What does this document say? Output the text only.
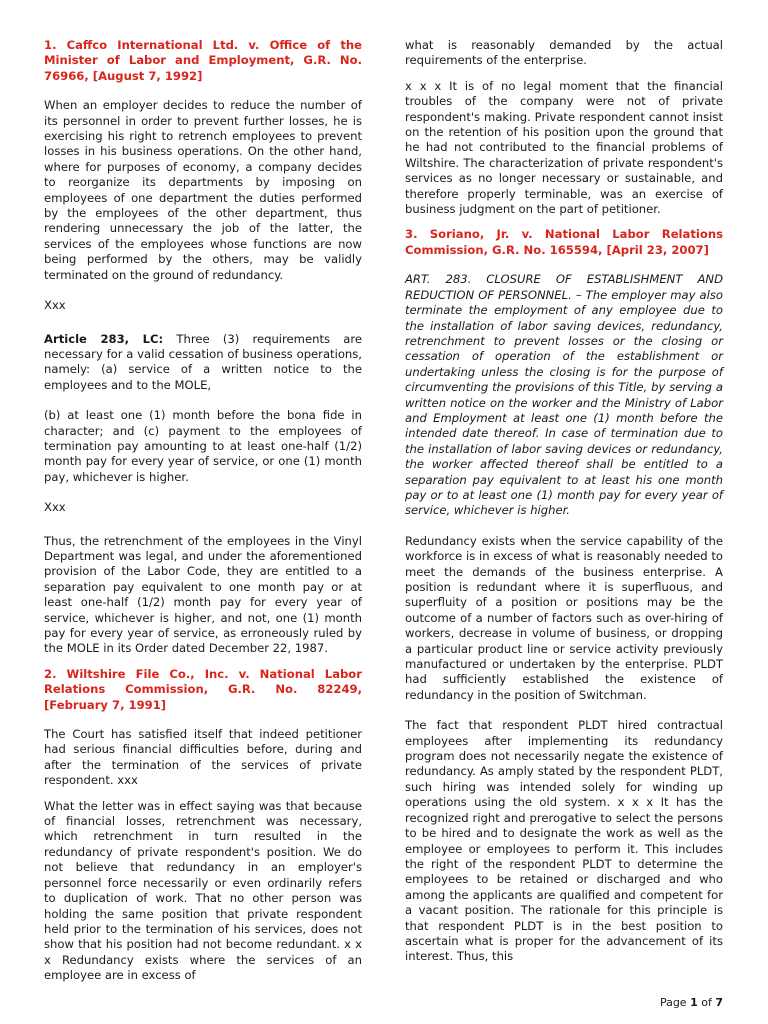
1. Caffco International Ltd. v. Office of the Minister of Labor and Employment, G.R. No. 76966, [August 7, 1992]

When an employer decides to reduce the number of its personnel in order to prevent further losses, he is exercising his right to retrench employees to prevent losses in his business operations. On the other hand, where for purposes of economy, a company decides to reorganize its departments by imposing on employees of one department the duties performed by the employees of the other department, thus rendering unnecessary the job of the latter, the services of the employees whose functions are now being performed by the others, may be validly terminated on the ground of redundancy.

Xxx

Article 283, LC: Three (3) requirements are necessary for a valid cessation of business operations, namely: (a) service of a written notice to the employees and to the MOLE,

(b) at least one (1) month before the bona fide in character; and (c) payment to the employees of termination pay amounting to at least one-half (1/2) month pay for every year of service, or one (1) month pay, whichever is higher.

Xxx

Thus, the retrenchment of the employees in the Vinyl Department was legal, and under the aforementioned provision of the Labor Code, they are entitled to a separation pay equivalent to one month pay or at least one-half (1/2) month pay for every year of service, whichever is higher, and not, one (1) month pay for every year of service, as erroneously ruled by the MOLE in its Order dated December 22, 1987.

2. Wiltshire File Co., Inc. v. National Labor Relations Commission, G.R. No. 82249, [February 7, 1991]

The Court has satisfied itself that indeed petitioner had serious financial difficulties before, during and after the termination of the services of private respondent. xxx

What the letter was in effect saying was that because of financial losses, retrenchment was necessary, which retrenchment in turn resulted in the redundancy of private respondent's position. We do not believe that redundancy in an employer's personnel force necessarily or even ordinarily refers to duplication of work. That no other person was holding the same position that private respondent held prior to the termination of his services, does not show that his position had not become redundant. x x x Redundancy exists where the services of an employee are in excess of

what is reasonably demanded by the actual requirements of the enterprise.

x x x It is of no legal moment that the financial troubles of the company were not of private respondent's making. Private respondent cannot insist on the retention of his position upon the ground that he had not contributed to the financial problems of Wiltshire. The characterization of private respondent's services as no longer necessary or sustainable, and therefore properly terminable, was an exercise of business judgment on the part of petitioner.

3. Soriano, Jr. v. National Labor Relations Commission, G.R. No. 165594, [April 23, 2007]

ART. 283. CLOSURE OF ESTABLISHMENT AND REDUCTION OF PERSONNEL. – The employer may also terminate the employment of any employee due to the installation of labor saving devices, redundancy, retrenchment to prevent losses or the closing or cessation of operation of the establishment or undertaking unless the closing is for the purpose of circumventing the provisions of this Title, by serving a written notice on the worker and the Ministry of Labor and Employment at least one (1) month before the intended date thereof. In case of termination due to the installation of labor saving devices or redundancy, the worker affected thereof shall be entitled to a separation pay equivalent to at least his one month pay or to at least one (1) month pay for every year of service, whichever is higher.

Redundancy exists when the service capability of the workforce is in excess of what is reasonably needed to meet the demands of the business enterprise. A position is redundant where it is superfluous, and superfluity of a position or positions may be the outcome of a number of factors such as over-hiring of workers, decrease in volume of business, or dropping a particular product line or service activity previously manufactured or undertaken by the enterprise. PLDT had sufficiently established the existence of redundancy in the position of Switchman.

The fact that respondent PLDT hired contractual employees after implementing its redundancy program does not necessarily negate the existence of redundancy. As amply stated by the respondent PLDT, such hiring was intended solely for winding up operations using the old system. x x x It has the recognized right and prerogative to select the persons to be hired and to designate the work as well as the employee or employees to perform it. This includes the right of the respondent PLDT to determine the employees to be retained or discharged and who among the applicants are qualified and competent for a vacant position. The rationale for this principle is that respondent PLDT is in the best position to ascertain what is proper for the advancement of its interest. Thus, this

Page 1 of 7
